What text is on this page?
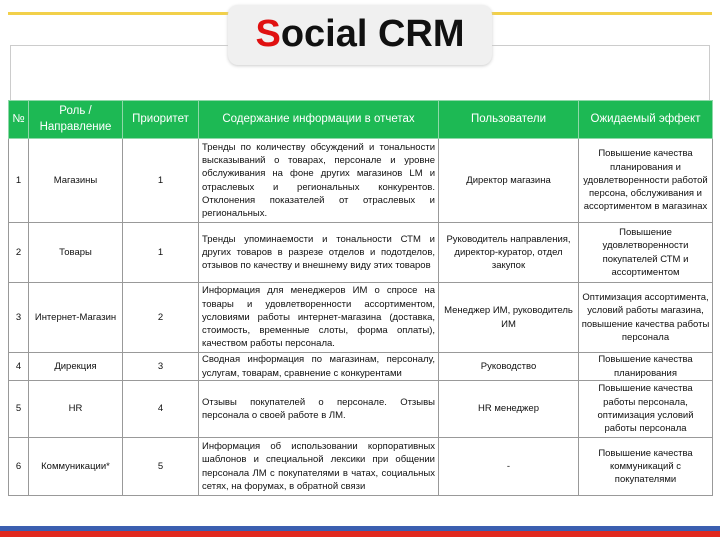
Social CRM
№	Роль / Направление	Приоритет	Содержание информации в отчетах	Пользователи	Ожидаемый эффект
1	Магазины	1	Тренды по количеству обсуждений и тональности высказываний о товарах, персонале и уровне обслуживания на фоне других магазинов LM и отраслевых и региональных конкурентов. Отклонения показателей от отраслевых и региональных.	Директор магазина	Повышение качества планирования и удовлетворенности работой персона, обслуживания и ассортиментом в магазинах
2	Товары	1	Тренды упоминаемости и тональности СТМ и других товаров в разрезе отделов и подотделов, отзывов по качеству и внешнему виду этих товаров	Руководитель направления, директор-куратор, отдел закупок	Повышение удовлетворенности покупателей СТМ и ассортиментом
3	Интернет-Магазин	2	Информация для менеджеров ИМ о спросе на товары и удовлетворенности ассортиментом, условиями работы интернет-магазина (доставка, стоимость, временные слоты, форма оплаты), качеством работы персонала.	Менеджер ИМ, руководитель ИМ	Оптимизация ассортимента, условий работы магазина, повышение качества работы персонала
4	Дирекция	3	Сводная информация по магазинам, персоналу, услугам, товарам, сравнение с конкурентами	Руководство	Повышение качества планирования
5	HR	4	Отзывы покупателей о персонале. Отзывы персонала о своей работе в ЛМ.	HR менеджер	Повышение качества работы персонала, оптимизация условий работы персонала
6	Коммуникации*	5	Информация об использовании корпоративных шаблонов и специальной лексики при общении персонала ЛМ с покупателями в чатах, социальных сетях, на форумах, в обратной связи	-	Повышение качества коммуникаций с покупателями
